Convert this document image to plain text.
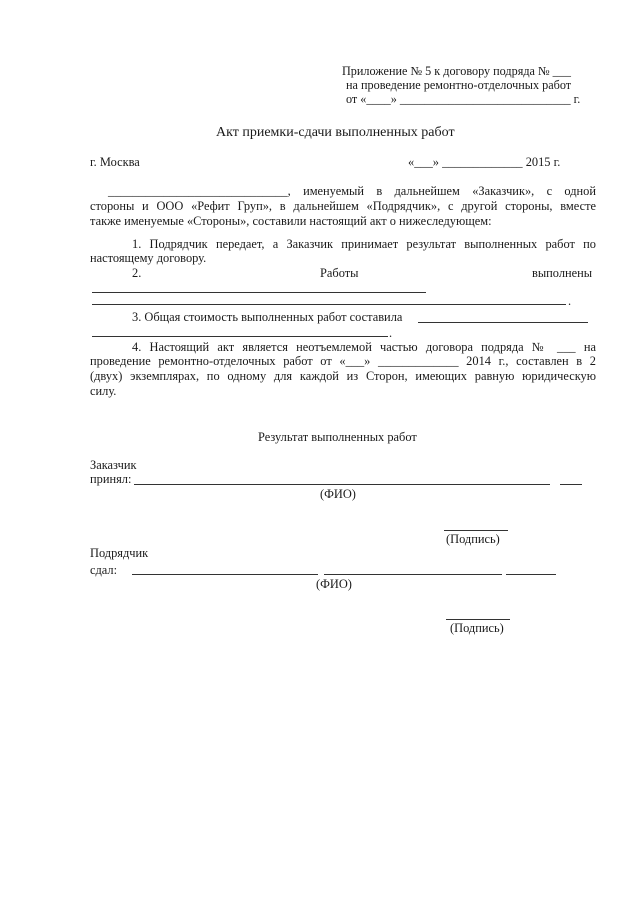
Приложение № 5 к договору подряда № ___
на проведение ремонтно-отделочных работ
от «____» ____________________________ г.
Акт приемки-сдачи выполненных работ
г. Москва	«___» _____________ 2015 г.
_____________________________, именуемый в дальнейшем «Заказчик», с одной
стороны и ООО «Рефит Груп», в дальнейшем «Подрядчик», с другой стороны, вместе
также именуемые «Стороны», составили настоящий акт о нижеследующем:
1. Подрядчик передает, а Заказчик принимает результат выполненных работ по
настоящему договору.
2.	Работы	выполнены
.
3. Общая стоимость выполненных работ составила
.
4. Настоящий акт является неотъемлемой частью договора подряда № ___ на
проведение ремонтно-отделочных работ от «___» _____________ 2014 г., составлен в 2
(двух) экземплярах, по одному для каждой из Сторон, имеющих равную юридическую
силу.
Результат выполненных работ
Заказчик
принял:
(ФИО)
(Подпись)
Подрядчик
сдал:
(ФИО)
(Подпись)
